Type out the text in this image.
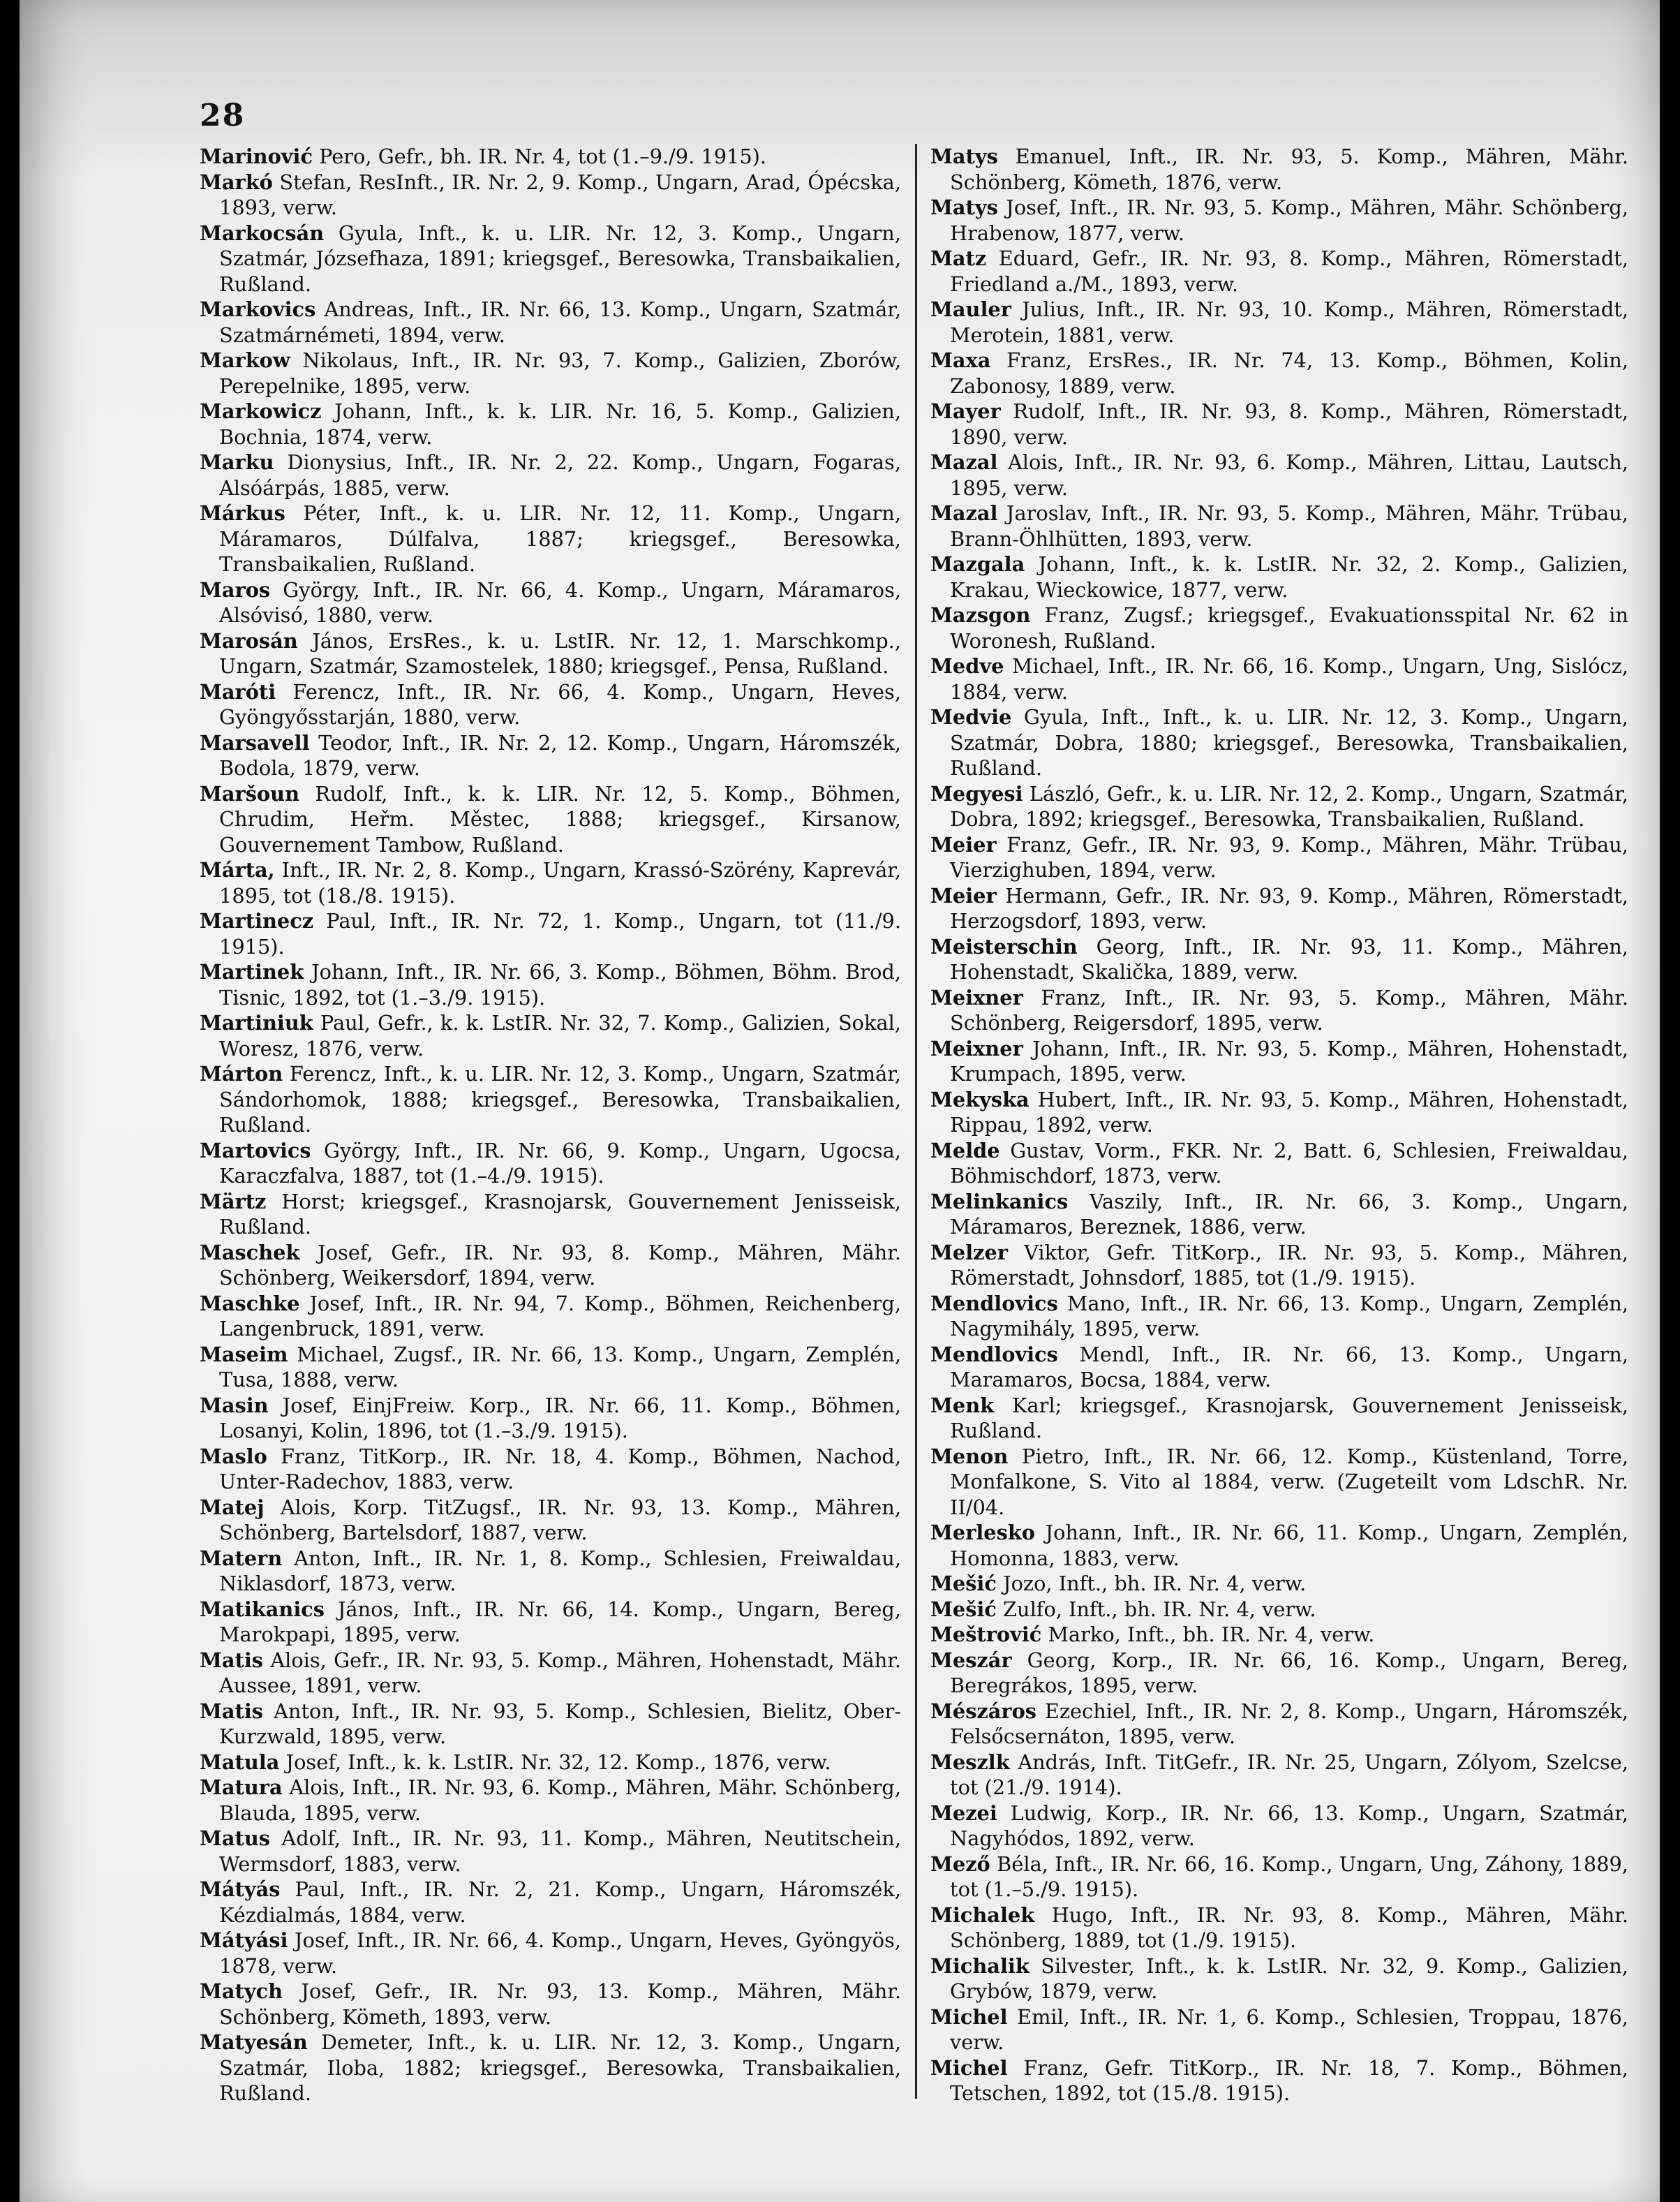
28

Marinović Pero, Gefr., bh. IR. Nr. 4, tot (1.–9./9. 1915).

Markó Stefan, ResInft., IR. Nr. 2, 9. Komp., Ungarn, Arad, Ópécska, 1893, verw.

Markocsán Gyula, Inft., k. u. LIR. Nr. 12, 3. Komp., Ungarn, Szatmár, Józsefhaza, 1891; kriegsgef., Beresowka, Transbaikalien, Rußland.

Markovics Andreas, Inft., IR. Nr. 66, 13. Komp., Ungarn, Szatmár, Szatmárnémeti, 1894, verw.

Markow Nikolaus, Inft., IR. Nr. 93, 7. Komp., Galizien, Zborów, Perepelnike, 1895, verw.

Markowicz Johann, Inft., k. k. LIR. Nr. 16, 5. Komp., Galizien, Bochnia, 1874, verw.

Marku Dionysius, Inft., IR. Nr. 2, 22. Komp., Ungarn, Fogaras, Alsóárpás, 1885, verw.

Márkus Péter, Inft., k. u. LIR. Nr. 12, 11. Komp., Ungarn, Máramaros, Dúlfalva, 1887; kriegsgef., Beresowka, Transbaikalien, Rußland.

Maros György, Inft., IR. Nr. 66, 4. Komp., Ungarn, Máramaros, Alsóvisó, 1880, verw.

Marosán János, ErsRes., k. u. LstIR. Nr. 12, 1. Marschkomp., Ungarn, Szatmár, Szamostelek, 1880; kriegsgef., Pensa, Rußland.

Maróti Ferencz, Inft., IR. Nr. 66, 4. Komp., Ungarn, Heves, Gyöngyősstarján, 1880, verw.

Marsavell Teodor, Inft., IR. Nr. 2, 12. Komp., Ungarn, Háromszék, Bodola, 1879, verw.

Maršoun Rudolf, Inft., k. k. LIR. Nr. 12, 5. Komp., Böhmen, Chrudim, Heřm. Městec, 1888; kriegsgef., Kirsanow, Gouvernement Tambow, Rußland.

Márta, Inft., IR. Nr. 2, 8. Komp., Ungarn, Krassó-Szörény, Kaprevár, 1895, tot (18./8. 1915).

Martinecz Paul, Inft., IR. Nr. 72, 1. Komp., Ungarn, tot (11./9. 1915).

Martinek Johann, Inft., IR. Nr. 66, 3. Komp., Böhmen, Böhm. Brod, Tisnic, 1892, tot (1.–3./9. 1915).

Martiniuk Paul, Gefr., k. k. LstIR. Nr. 32, 7. Komp., Galizien, Sokal, Woresz, 1876, verw.

Márton Ferencz, Inft., k. u. LIR. Nr. 12, 3. Komp., Ungarn, Szatmár, Sándorhomok, 1888; kriegsgef., Beresowka, Transbaikalien, Rußland.

Martovics György, Inft., IR. Nr. 66, 9. Komp., Ungarn, Ugocsa, Karaczfalva, 1887, tot (1.–4./9. 1915).

Märtz Horst; kriegsgef., Krasnojarsk, Gouvernement Jenisseisk, Rußland.

Maschek Josef, Gefr., IR. Nr. 93, 8. Komp., Mähren, Mähr. Schönberg, Weikersdorf, 1894, verw.

Maschke Josef, Inft., IR. Nr. 94, 7. Komp., Böhmen, Reichenberg, Langenbruck, 1891, verw.

Maseim Michael, Zugsf., IR. Nr. 66, 13. Komp., Ungarn, Zemplén, Tusa, 1888, verw.

Masin Josef, EinjFreiw. Korp., IR. Nr. 66, 11. Komp., Böhmen, Losanyi, Kolin, 1896, tot (1.–3./9. 1915).

Maslo Franz, TitKorp., IR. Nr. 18, 4. Komp., Böhmen, Nachod, Unter-Radechov, 1883, verw.

Matej Alois, Korp. TitZugsf., IR. Nr. 93, 13. Komp., Mähren, Schönberg, Bartelsdorf, 1887, verw.

Matern Anton, Inft., IR. Nr. 1, 8. Komp., Schlesien, Freiwaldau, Niklasdorf, 1873, verw.

Matikanics János, Inft., IR. Nr. 66, 14. Komp., Ungarn, Bereg, Marokpapi, 1895, verw.

Matis Alois, Gefr., IR. Nr. 93, 5. Komp., Mähren, Hohenstadt, Mähr. Aussee, 1891, verw.

Matis Anton, Inft., IR. Nr. 93, 5. Komp., Schlesien, Bielitz, Ober-Kurzwald, 1895, verw.

Matula Josef, Inft., k. k. LstIR. Nr. 32, 12. Komp., 1876, verw.

Matura Alois, Inft., IR. Nr. 93, 6. Komp., Mähren, Mähr. Schönberg, Blauda, 1895, verw.

Matus Adolf, Inft., IR. Nr. 93, 11. Komp., Mähren, Neutitschein, Wermsdorf, 1883, verw.

Mátyás Paul, Inft., IR. Nr. 2, 21. Komp., Ungarn, Háromszék, Kézdialmás, 1884, verw.

Mátyási Josef, Inft., IR. Nr. 66, 4. Komp., Ungarn, Heves, Gyöngyös, 1878, verw.

Matych Josef, Gefr., IR. Nr. 93, 13. Komp., Mähren, Mähr. Schönberg, Kömeth, 1893, verw.

Matyesán Demeter, Inft., k. u. LIR. Nr. 12, 3. Komp., Ungarn, Szatmár, Iloba, 1882; kriegsgef., Beresowka, Transbaikalien, Rußland.

Matys Emanuel, Inft., IR. Nr. 93, 5. Komp., Mähren, Mähr. Schönberg, Kömeth, 1876, verw.

Matys Josef, Inft., IR. Nr. 93, 5. Komp., Mähren, Mähr. Schönberg, Hrabenow, 1877, verw.

Matz Eduard, Gefr., IR. Nr. 93, 8. Komp., Mähren, Römerstadt, Friedland a./M., 1893, verw.

Mauler Julius, Inft., IR. Nr. 93, 10. Komp., Mähren, Römerstadt, Merotein, 1881, verw.

Maxa Franz, ErsRes., IR. Nr. 74, 13. Komp., Böhmen, Kolin, Zabonosy, 1889, verw.

Mayer Rudolf, Inft., IR. Nr. 93, 8. Komp., Mähren, Römerstadt, 1890, verw.

Mazal Alois, Inft., IR. Nr. 93, 6. Komp., Mähren, Littau, Lautsch, 1895, verw.

Mazal Jaroslav, Inft., IR. Nr. 93, 5. Komp., Mähren, Mähr. Trübau, Brann-Öhlhütten, 1893, verw.

Mazgala Johann, Inft., k. k. LstIR. Nr. 32, 2. Komp., Galizien, Krakau, Wieckowice, 1877, verw.

Mazsgon Franz, Zugsf.; kriegsgef., Evakuationsspital Nr. 62 in Woronesh, Rußland.

Medve Michael, Inft., IR. Nr. 66, 16. Komp., Ungarn, Ung, Sislócz, 1884, verw.

Medvie Gyula, Inft., Inft., k. u. LIR. Nr. 12, 3. Komp., Ungarn, Szatmár, Dobra, 1880; kriegsgef., Beresowka, Transbaikalien, Rußland.

Megyesi László, Gefr., k. u. LIR. Nr. 12, 2. Komp., Ungarn, Szatmár, Dobra, 1892; kriegsgef., Beresowka, Transbaikalien, Rußland.

Meier Franz, Gefr., IR. Nr. 93, 9. Komp., Mähren, Mähr. Trübau, Vierzighuben, 1894, verw.

Meier Hermann, Gefr., IR. Nr. 93, 9. Komp., Mähren, Römerstadt, Herzogsdorf, 1893, verw.

Meisterschin Georg, Inft., IR. Nr. 93, 11. Komp., Mähren, Hohenstadt, Skalička, 1889, verw.

Meixner Franz, Inft., IR. Nr. 93, 5. Komp., Mähren, Mähr. Schönberg, Reigersdorf, 1895, verw.

Meixner Johann, Inft., IR. Nr. 93, 5. Komp., Mähren, Hohenstadt, Krumpach, 1895, verw.

Mekyska Hubert, Inft., IR. Nr. 93, 5. Komp., Mähren, Hohenstadt, Rippau, 1892, verw.

Melde Gustav, Vorm., FKR. Nr. 2, Batt. 6, Schlesien, Freiwaldau, Böhmischdorf, 1873, verw.

Melinkanics Vaszily, Inft., IR. Nr. 66, 3. Komp., Ungarn, Máramaros, Bereznek, 1886, verw.

Melzer Viktor, Gefr. TitKorp., IR. Nr. 93, 5. Komp., Mähren, Römerstadt, Johnsdorf, 1885, tot (1./9. 1915).

Mendlovics Mano, Inft., IR. Nr. 66, 13. Komp., Ungarn, Zemplén, Nagymihály, 1895, verw.

Mendlovics Mendl, Inft., IR. Nr. 66, 13. Komp., Ungarn, Maramaros, Bocsa, 1884, verw.

Menk Karl; kriegsgef., Krasnojarsk, Gouvernement Jenisseisk, Rußland.

Menon Pietro, Inft., IR. Nr. 66, 12. Komp., Küstenland, Torre, Monfalkone, S. Vito al 1884, verw. (Zugeteilt vom LdschR. Nr. II/04.

Merlesko Johann, Inft., IR. Nr. 66, 11. Komp., Ungarn, Zemplén, Homonna, 1883, verw.

Mešić Jozo, Inft., bh. IR. Nr. 4, verw.

Mešić Zulfo, Inft., bh. IR. Nr. 4, verw.

Meštrović Marko, Inft., bh. IR. Nr. 4, verw.

Meszár Georg, Korp., IR. Nr. 66, 16. Komp., Ungarn, Bereg, Beregrákos, 1895, verw.

Mészáros Ezechiel, Inft., IR. Nr. 2, 8. Komp., Ungarn, Háromszék, Felsőcsernáton, 1895, verw.

Meszlk András, Inft. TitGefr., IR. Nr. 25, Ungarn, Zólyom, Szelcse, tot (21./9. 1914).

Mezei Ludwig, Korp., IR. Nr. 66, 13. Komp., Ungarn, Szatmár, Nagyhódos, 1892, verw.

Mező Béla, Inft., IR. Nr. 66, 16. Komp., Ungarn, Ung, Záhony, 1889, tot (1.–5./9. 1915).

Michalek Hugo, Inft., IR. Nr. 93, 8. Komp., Mähren, Mähr. Schönberg, 1889, tot (1./9. 1915).

Michalik Silvester, Inft., k. k. LstIR. Nr. 32, 9. Komp., Galizien, Grybów, 1879, verw.

Michel Emil, Inft., IR. Nr. 1, 6. Komp., Schlesien, Troppau, 1876, verw.

Michel Franz, Gefr. TitKorp., IR. Nr. 18, 7. Komp., Böhmen, Tetschen, 1892, tot (15./8. 1915).
